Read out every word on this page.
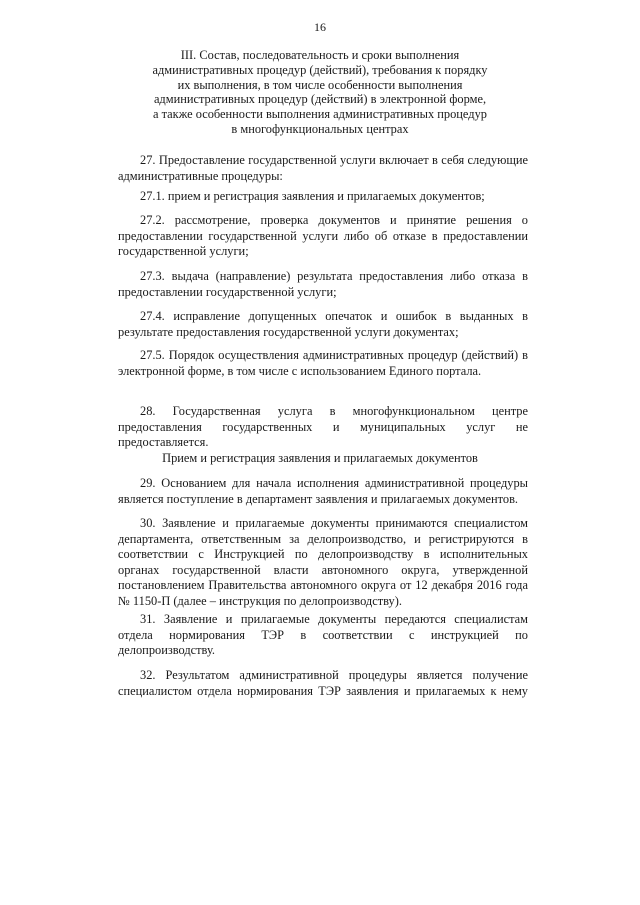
16
III. Состав, последовательность и сроки выполнения
административных процедур (действий), требования к порядку
их выполнения, в том числе особенности выполнения
административных процедур (действий) в электронной форме,
а также особенности выполнения административных процедур
в многофункциональных центрах
27. Предоставление государственной услуги включает в себя следующие административные процедуры:
27.1. прием и регистрация заявления и прилагаемых документов;
27.2. рассмотрение, проверка документов и принятие решения о предоставлении государственной услуги либо об отказе в предоставлении государственной услуги;
27.3. выдача (направление) результата предоставления либо отказа в предоставлении государственной услуги;
27.4. исправление допущенных опечаток и ошибок в выданных в результате предоставления государственной услуги документах;
27.5. Порядок осуществления административных процедур (действий) в электронной форме, в том числе с использованием Единого портала.
28. Государственная услуга в многофункциональном центре предоставления государственных и муниципальных услуг не предоставляется.
Прием и регистрация заявления и прилагаемых документов
29. Основанием для начала исполнения административной процедуры является поступление в департамент заявления и прилагаемых документов.
30. Заявление и прилагаемые документы принимаются специалистом департамента, ответственным за делопроизводство, и регистрируются в соответствии с Инструкцией по делопроизводству в исполнительных органах государственной власти автономного округа, утвержденной постановлением Правительства автономного округа от 12 декабря 2016 года № 1150-П (далее – инструкция по делопроизводству).
31. Заявление и прилагаемые документы передаются специалистам отдела нормирования ТЭР в соответствии с инструкцией по делопроизводству.
32. Результатом административной процедуры является получение специалистом отдела нормирования ТЭР заявления и прилагаемых к нему
